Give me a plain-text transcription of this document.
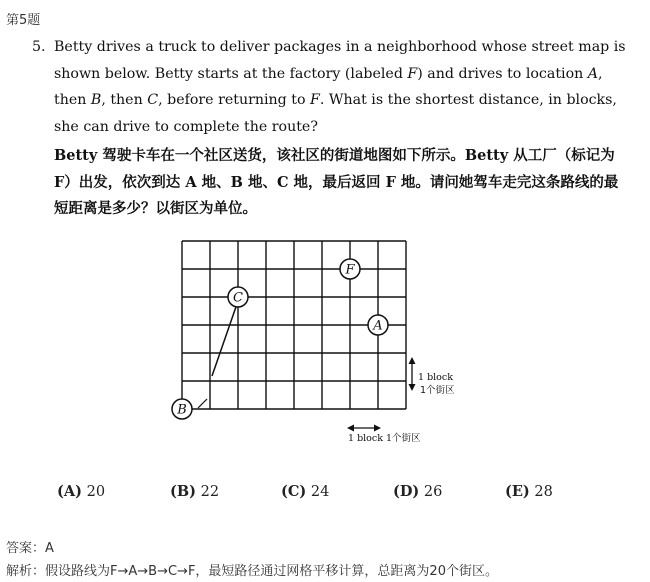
第5题
5. Betty drives a truck to deliver packages in a neighborhood whose street map is shown below. Betty starts at the factory (labeled F) and drives to location A, then B, then C, before returning to F. What is the shortest distance, in blocks, she can drive to complete the route?
Betty 驾驶卡车在一个社区送货，该社区的街道地图如下所示。Betty 从工厂（标记为 F）出发，依次到达 A 地、B 地、C 地，最后返回 F 地。请问她驾车走完这条路线的最短距离是多少？以街区为单位。
F
C
A
B
1 block
1个街区
1 block 1个街区
(A) 20	(B) 22	(C) 24	(D) 26	(E) 28
答案：A
解析：假设路线为F→A→B→C→F，最短路径通过网格平移计算，总距离为20个街区。
